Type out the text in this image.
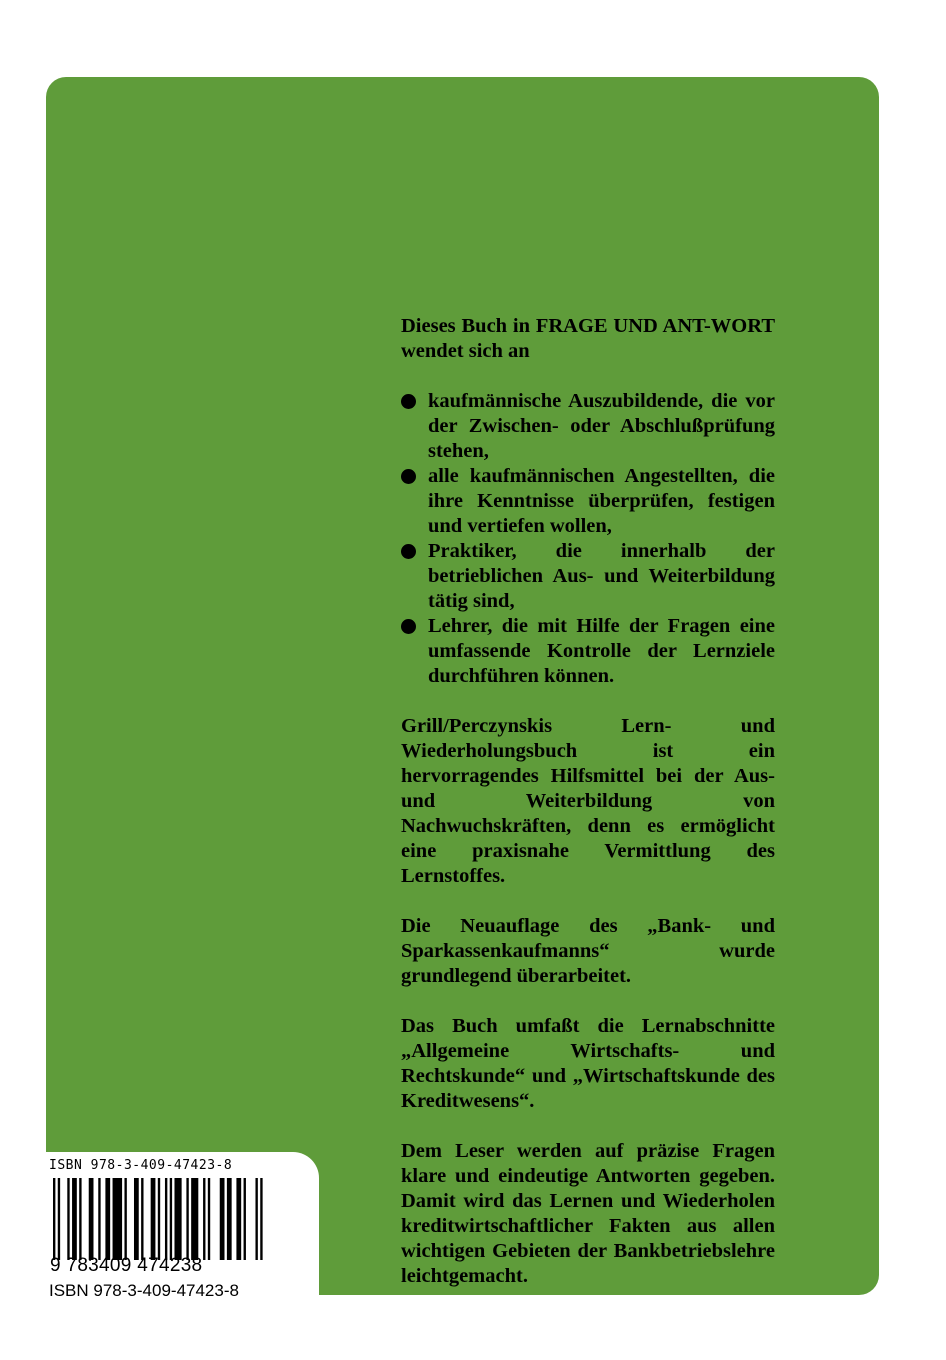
Dieses Buch in FRAGE UND ANT-WORT wendet sich an

kaufmännische Auszubildende, die vor der Zwischen- oder Abschlußprüfung stehen,
alle kaufmännischen Angestellten, die ihre Kenntnisse überprüfen, festigen und vertiefen wollen,
Praktiker, die innerhalb der betrieblichen Aus- und Weiterbildung tätig sind,
Lehrer, die mit Hilfe der Fragen eine umfassende Kontrolle der Lernziele durchführen können.

Grill/Perczynskis Lern- und Wiederholungsbuch ist ein hervorragendes Hilfsmittel bei der Aus- und Weiterbildung von Nachwuchskräften, denn es ermöglicht eine praxisnahe Vermittlung des Lernstoffes.

Die Neuauflage des „Bank- und Sparkassenkaufmanns“ wurde grundlegend überarbeitet.

Das Buch umfaßt die Lernabschnitte „Allgemeine Wirtschafts- und Rechtskunde“ und „Wirtschaftskunde des Kreditwesens“.

Dem Leser werden auf präzise Fragen klare und eindeutige Antworten gegeben. Damit wird das Lernen und Wiederholen kreditwirtschaftlicher Fakten aus allen wichtigen Gebieten der Bankbetriebslehre leichtgemacht.

ISBN 978-3-409-47423-8
9 783409 474238
ISBN 978-3-409-47423-8
